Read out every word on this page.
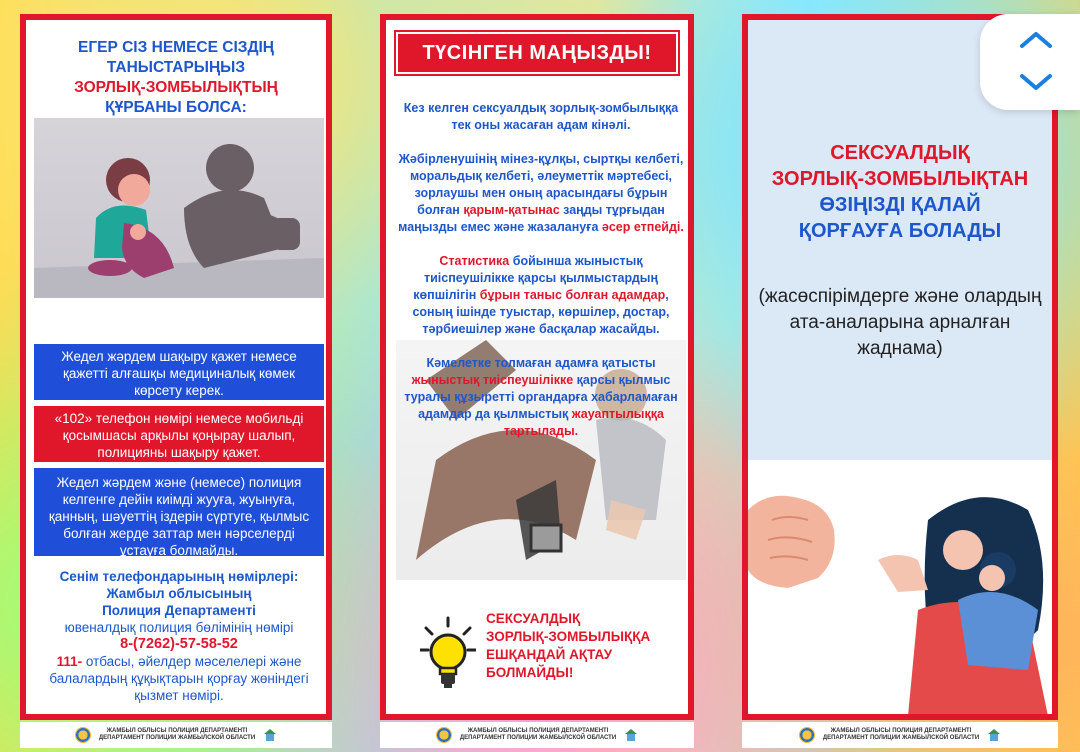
ЕГЕР СІЗ НЕМЕСЕ СІЗДІҢ
ТАНЫСТАРЫҢЫЗ
ЗОРЛЫҚ-ЗОМБЫЛЫҚТЫҢ
ҚҰРБАНЫ БОЛСА:
Жедел жәрдем шақыру қажет немесе қажетті алғашқы медициналық көмек көрсету керек.
«102» телефон нөмірі немесе мобильді қосымшасы арқылы қоңырау шалып, полицияны шақыру қажет.
Жедел жәрдем және (немесе) полиция келгенге дейін киімді жууға, жуынуға, қанның, шәуеттің іздерін сүртуге, қылмыс болған жерде заттар мен нәрселерді ұстауға болмайды.
Сенім телефондарының нөмірлері:
Жамбыл облысының
Полиция Департаменті
ювеналдық полиция бөлімінің нөмірі
8-(7262)-57-58-52
111- отбасы, әйелдер мәселелері және балалардың құқықтарын қорғау жөніндегі қызмет нөмірі.
ЖАМБЫЛ ОБЛЫСЫ ПОЛИЦИЯ ДЕПАРТАМЕНТІ
ДЕПАРТАМЕНТ ПОЛИЦИИ ЖАМБЫЛСКОЙ ОБЛАСТИ
ТҮСІНГЕН МАҢЫЗДЫ!

Кез келген сексуалдық зорлық-зомбылыққа тек оны жасаған адам кінәлі.

Жәбірленушінің мінез-құлқы, сыртқы келбеті, моральдық келбеті, әлеуметтік мәртебесі, зорлаушы мен оның арасындағы бұрын болған қарым-қатынас заңды тұрғыдан маңызды емес және жазалануға әсер етпейді.

Статистика бойынша жыныстық тиіспеушілікке қарсы қылмыстардың көпшілігін бұрын таныс болған адамдар, соның ішінде туыстар, көршілер, достар, тәрбиешілер және басқалар жасайды.

Кәмелетке толмаған адамға қатысты жыныстық тиіспеушілікке қарсы қылмыс туралы құзыретті органдарға хабарламаған адамдар да қылмыстық жауаптылыққа тартылады.

СЕКСУАЛДЫҚ
ЗОРЛЫҚ-ЗОМБЫЛЫҚҚА
ЕШҚАНДАЙ АҚТАУ
БОЛМАЙДЫ!
ЖАМБЫЛ ОБЛЫСЫ ПОЛИЦИЯ ДЕПАРТАМЕНТІ
ДЕПАРТАМЕНТ ПОЛИЦИИ ЖАМБЫЛСКОЙ ОБЛАСТИ
СЕКСУАЛДЫҚ
ЗОРЛЫҚ-ЗОМБЫЛЫҚТАН
ӨЗІҢІЗДІ ҚАЛАЙ
ҚОРҒАУҒА БОЛАДЫ
(жасөспірімдерге және олардың ата-аналарына арналған жаднама)
ЖАМБЫЛ ОБЛЫСЫ ПОЛИЦИЯ ДЕПАРТАМЕНТІ
ДЕПАРТАМЕНТ ПОЛИЦИИ ЖАМБЫЛСКОЙ ОБЛАСТИ
